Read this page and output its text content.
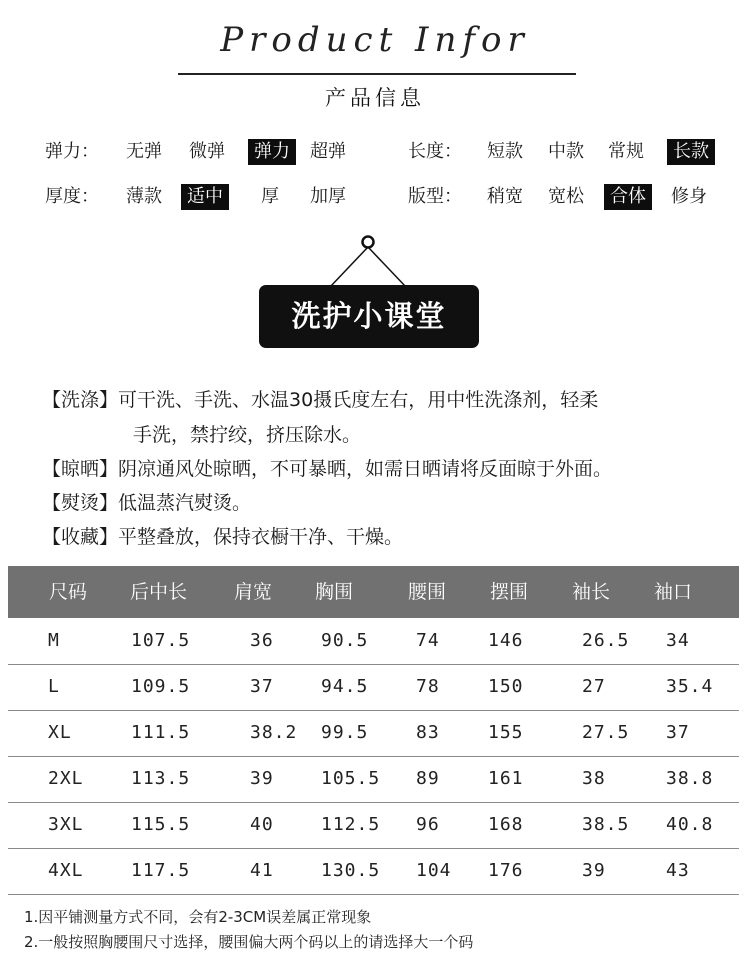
Product Infor
产品信息
弹力： 无弹 微弹	弹力	超弹	长度： 短款 中款 常规	长款
厚度： 薄款	适中	厚 加厚	版型： 稍宽 宽松	合体	修身
洗护小课堂
【洗涤】可干洗、手洗、水温30摄氏度左右，用中性洗涤剂，轻柔
手洗，禁拧绞，挤压除水。
【晾晒】阴凉通风处晾晒，不可暴晒，如需日晒请将反面晾于外面。
【熨烫】低温蒸汽熨烫。
【收藏】平整叠放，保持衣橱干净、干燥。
尺码 后中长 肩宽 胸围	腰围 摆围 袖长 袖口
M	107.5	36	90.5	74	146	26.5 34
L	109.5	37	94.5	78	150	27	35.4
XL	111.5	38.2 99.5	83	155	27.5 37
2XL	113.5	39	105.5 89	161	38	38.8
3XL	115.5	40	112.5 96	168	38.5 40.8
4XL	117.5	41	130.5 104 176	39	43
1.因平铺测量方式不同，会有2-3CM误差属正常现象
2.一般按照胸腰围尺寸选择，腰围偏大两个码以上的请选择大一个码
